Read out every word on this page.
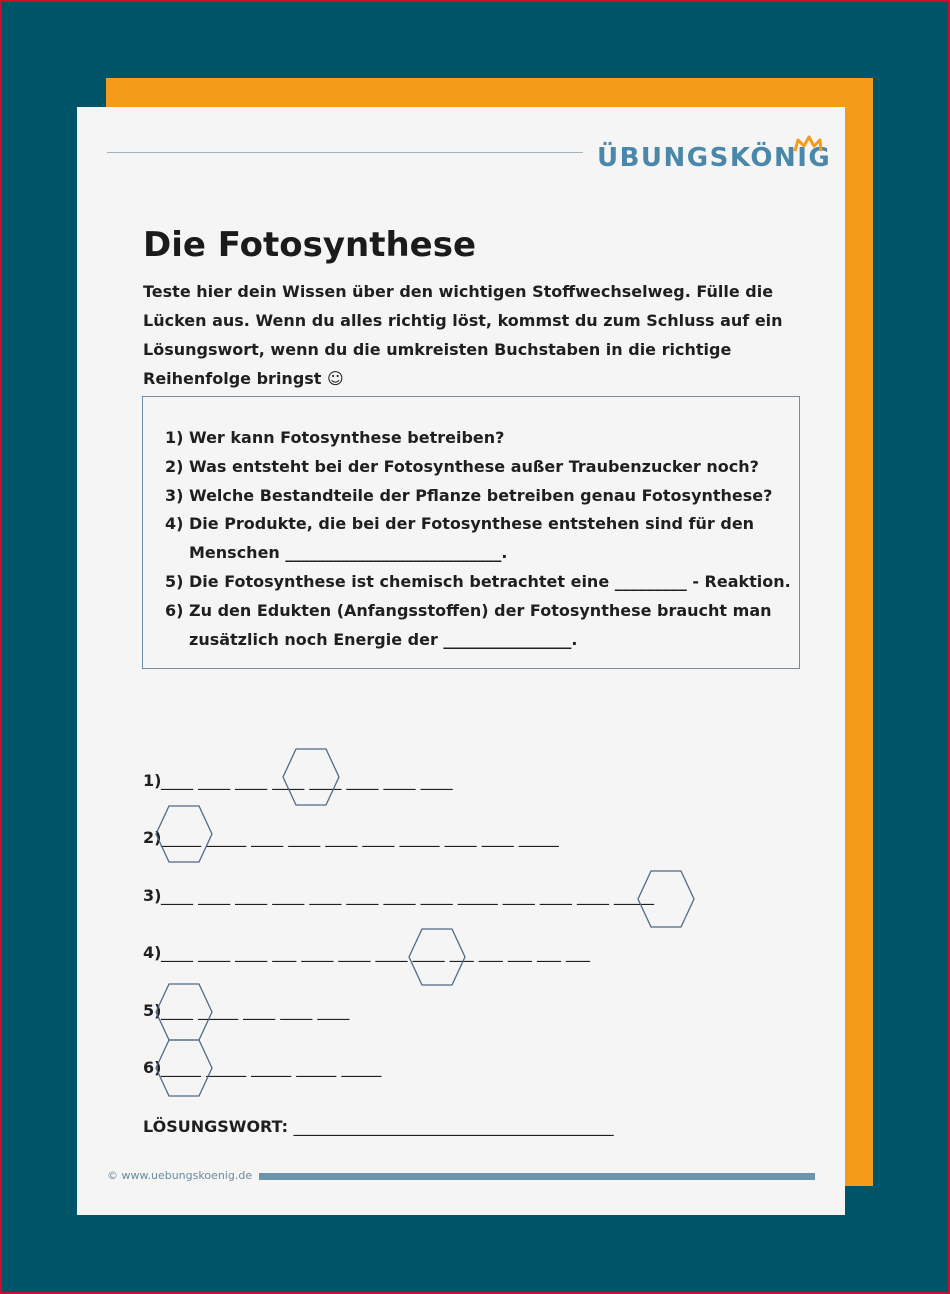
ÜBUNGSKÖNIG
Die Fotosynthese
Teste hier dein Wissen über den wichtigen Stoffwechselweg. Fülle die
Lücken aus. Wenn du alles richtig löst, kommst du zum Schluss auf ein
Lösungswort, wenn du die umkreisten Buchstaben in die richtige
Reihenfolge bringst ☺
1) Wer kann Fotosynthese betreiben?
2) Was entsteht bei der Fotosynthese außer Traubenzucker noch?
3) Welche Bestandteile der Pflanze betreiben genau Fotosynthese?
4) Die Produkte, die bei der Fotosynthese entstehen sind für den
Menschen ___________________________.
5) Die Fotosynthese ist chemisch betrachtet eine _________ - Reaktion.
6) Zu den Edukten (Anfangsstoffen) der Fotosynthese braucht man
zusätzlich noch Energie der ________________.
1) ____ ____ ____ ____ ____ ____ ____ ____
2) _____ _____ ____ ____ ____ ____ _____ ____ ____ _____
3) ____ ____ ____ ____ ____ ____ ____ ____ _____ ____ ____ ____ _____
4) ____ ____ ____ ___ ____ ____ ____ ____ ___ ___ ___ ___ ___
5) ____ _____ ____ ____ ____
6) _____ _____ _____ _____ _____
LÖSUNGSWORT: ________________________________________
© www.uebungskoenig.de
